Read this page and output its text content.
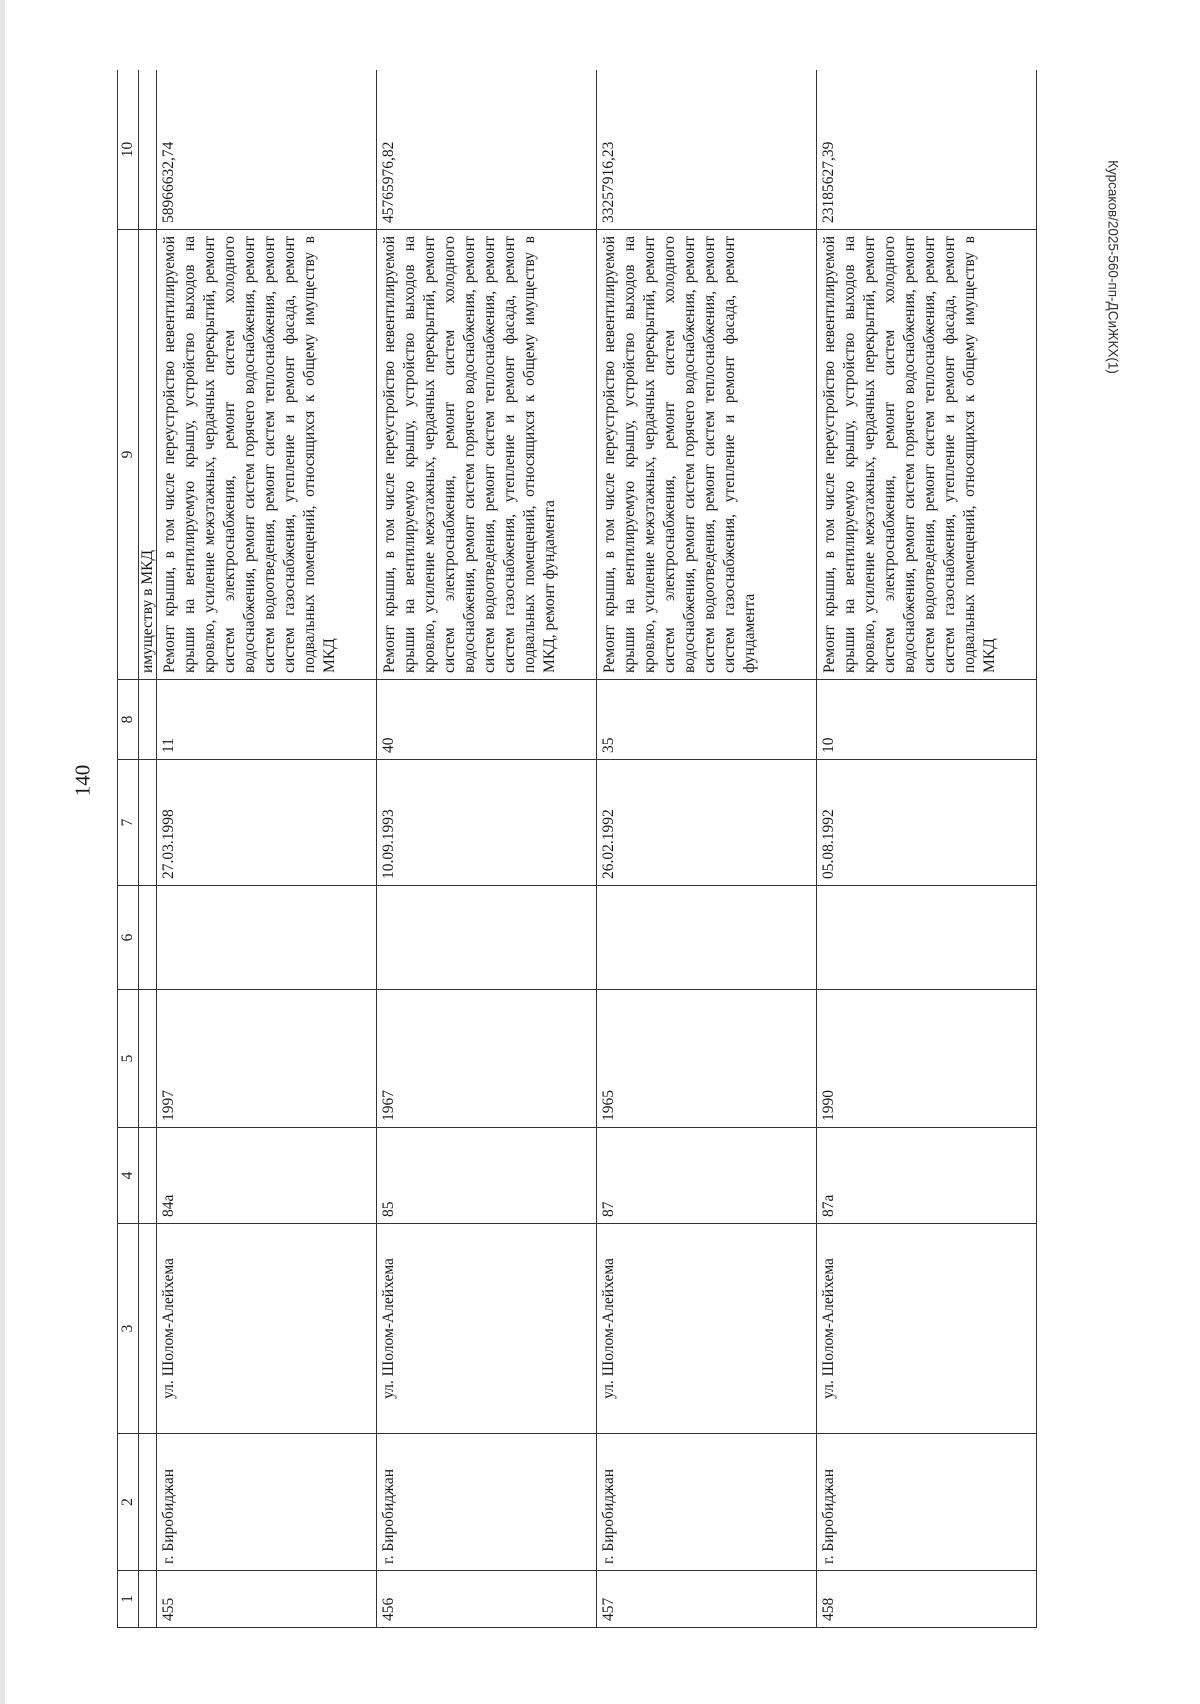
140
Курсаков/2025-560-пп-ДСиЖКХ(1)
1	2	3	4	5	6	7	8	9	10
								имуществу в МКД	
455	г. Биробиджан	ул. Шолом-Алейхема	84а	1997		27.03.1998	11	Ремонт крыши, в том числе переустройство невентилируемой крыши на вентилируемую крышу, устройство выходов на кровлю, усиление межэтажных, чердачных перекрытий, ремонт систем электроснабжения, ремонт систем холодного водоснабжения, ремонт систем горячего водоснабжения, ремонт систем водоотведения, ремонт систем теплоснабжения, ремонт систем газоснабжения, утепление и ремонт фасада, ремонт подвальных помещений, относящихся к общему имуществу в МКД	58966632,74
456	г. Биробиджан	ул. Шолом-Алейхема	85	1967		10.09.1993	40	Ремонт крыши, в том числе переустройство невентилируемой крыши на вентилируемую крышу, устройство выходов на кровлю, усиление межэтажных, чердачных перекрытий, ремонт систем электроснабжения, ремонт систем холодного водоснабжения, ремонт систем горячего водоснабжения, ремонт систем водоотведения, ремонт систем теплоснабжения, ремонт систем газоснабжения, утепление и ремонт фасада, ремонт подвальных помещений, относящихся к общему имуществу в МКД, ремонт фундамента	45765976,82
457	г. Биробиджан	ул. Шолом-Алейхема	87	1965		26.02.1992	35	Ремонт крыши, в том числе переустройство невентилируемой крыши на вентилируемую крышу, устройство выходов на кровлю, усиление межэтажных, чердачных перекрытий, ремонт систем электроснабжения, ремонт систем холодного водоснабжения, ремонт систем горячего водоснабжения, ремонт систем водоотведения, ремонт систем теплоснабжения, ремонт систем газоснабжения, утепление и ремонт фасада, ремонт фундамента	33257916,23
458	г. Биробиджан	ул. Шолом-Алейхема	87а	1990		05.08.1992	10	Ремонт крыши, в том числе переустройство невентилируемой крыши на вентилируемую крышу, устройство выходов на кровлю, усиление межэтажных, чердачных перекрытий, ремонт систем электроснабжения, ремонт систем холодного водоснабжения, ремонт систем горячего водоснабжения, ремонт систем водоотведения, ремонт систем теплоснабжения, ремонт систем газоснабжения, утепление и ремонт фасада, ремонт подвальных помещений, относящихся к общему имуществу в МКД	23185627,39
